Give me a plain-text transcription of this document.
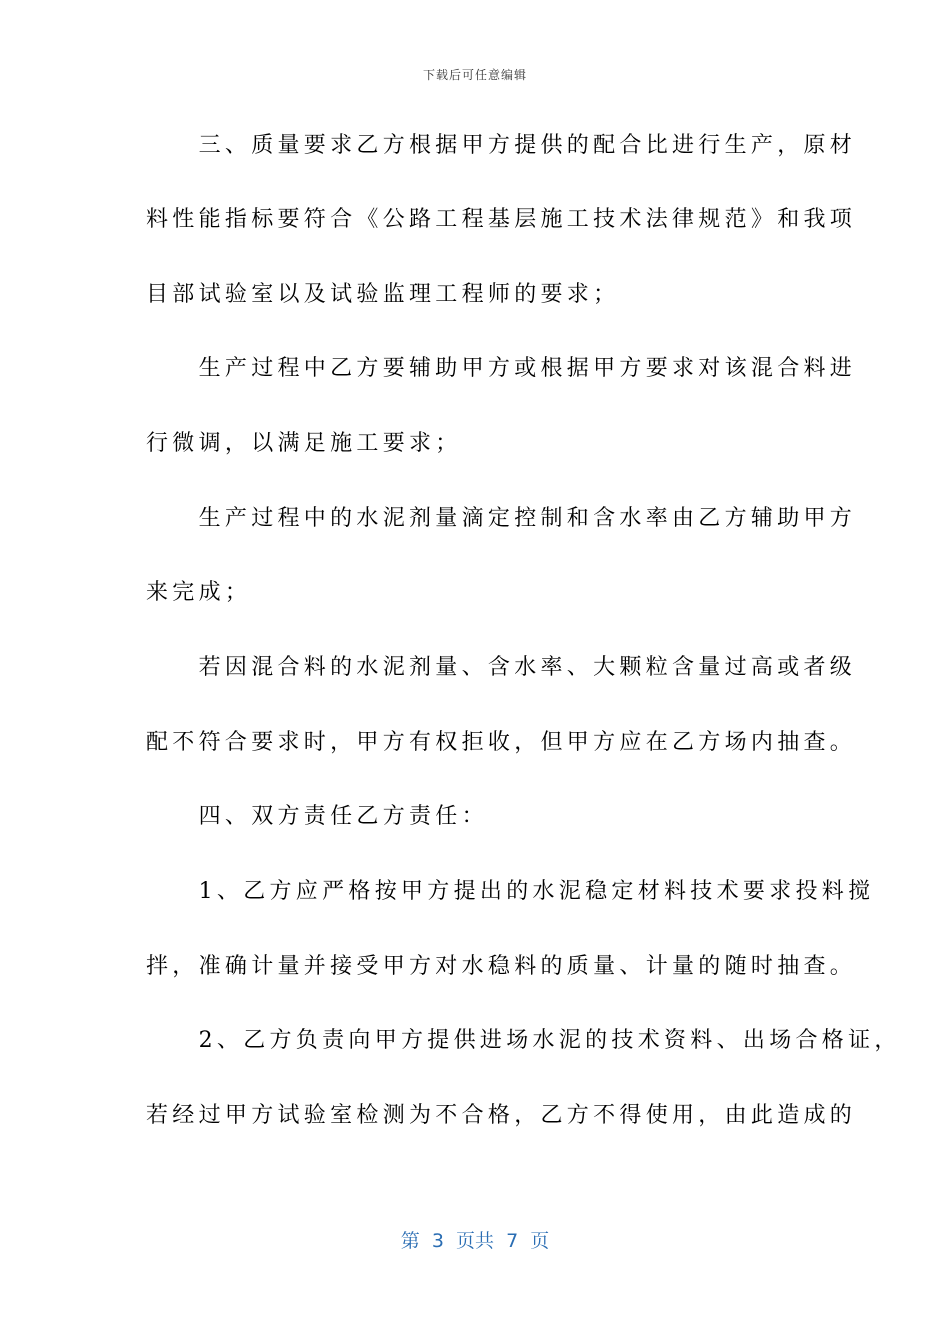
下载后可任意编辑
　　三、质量要求乙方根据甲方提供的配合比进行生产，原材
料性能指标要符合《公路工程基层施工技术法律规范》和我项
目部试验室以及试验监理工程师的要求；
　　生产过程中乙方要辅助甲方或根据甲方要求对该混合料进
行微调，以满足施工要求；
　　生产过程中的水泥剂量滴定控制和含水率由乙方辅助甲方
来完成；
　　若因混合料的水泥剂量、含水率、大颗粒含量过高或者级
配不符合要求时，甲方有权拒收，但甲方应在乙方场内抽查。
　　四、双方责任乙方责任：
　　1、乙方应严格按甲方提出的水泥稳定材料技术要求投料搅
拌，准确计量并接受甲方对水稳料的质量、计量的随时抽查。
　　2、乙方负责向甲方提供进场水泥的技术资料、出场合格证，
若经过甲方试验室检测为不合格，乙方不得使用，由此造成的
第  3  页共  7  页
